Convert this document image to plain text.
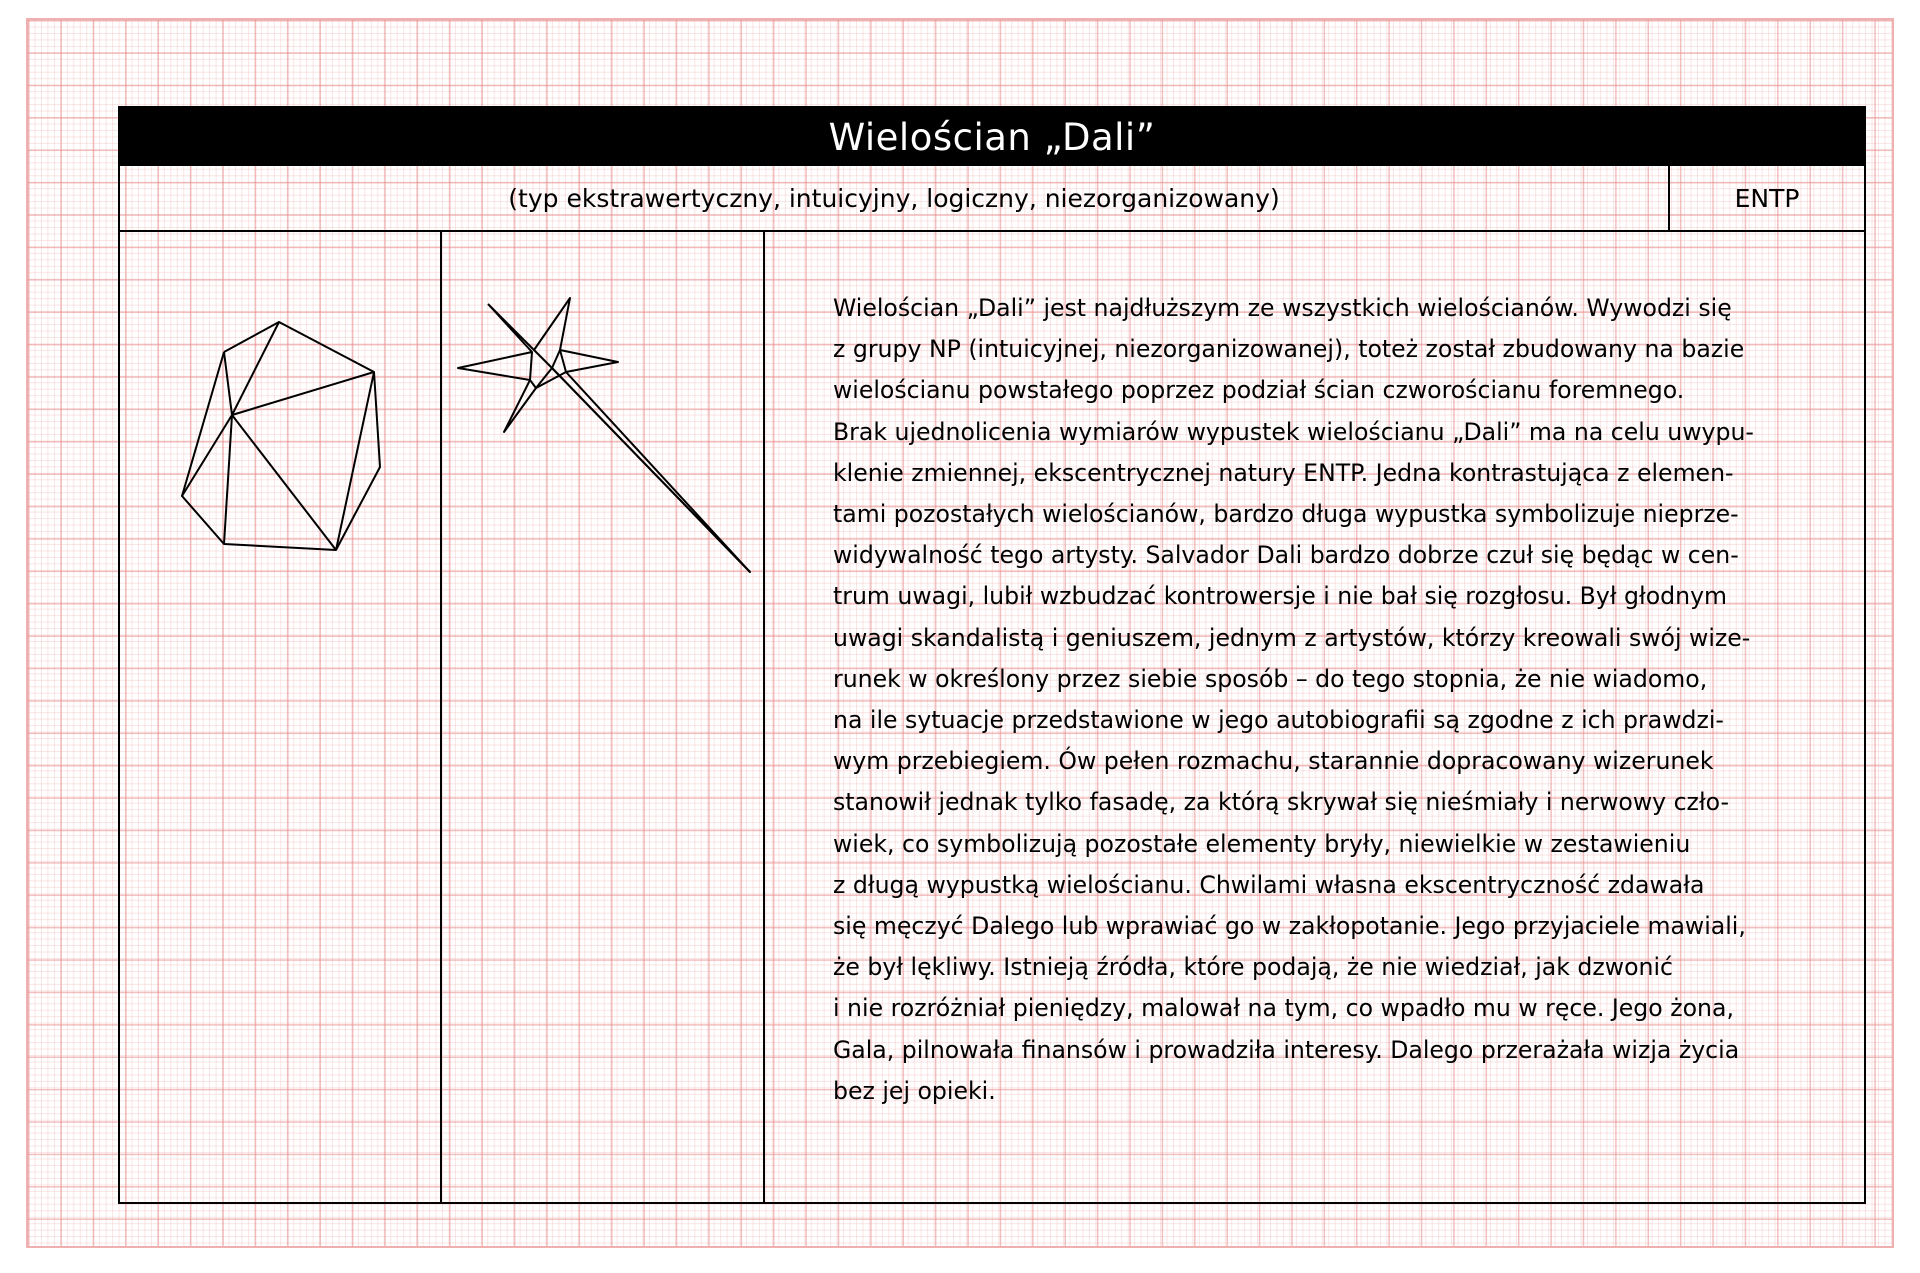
Wielościan „Dali”
(typ ekstrawertyczny, intuicyjny, logiczny, niezorganizowany)	ENTP
Wielościan „Dali” jest najdłuższym ze wszystkich wielościanów. Wywodzi się
z grupy NP (intuicyjnej, niezorganizowanej), toteż został zbudowany na bazie
wielościanu powstałego poprzez podział ścian czworościanu foremnego.
Brak ujednolicenia wymiarów wypustek wielościanu „Dali” ma na celu uwypu-
klenie zmiennej, ekscentrycznej natury ENTP. Jedna kontrastująca z elemen-
tami pozostałych wielościanów, bardzo długa wypustka symbolizuje nieprze-
widywalność tego artysty. Salvador Dali bardzo dobrze czuł się będąc w cen-
trum uwagi, lubił wzbudzać kontrowersje i nie bał się rozgłosu. Był głodnym
uwagi skandalistą i geniuszem, jednym z artystów, którzy kreowali swój wize-
runek w określony przez siebie sposób – do tego stopnia, że nie wiadomo,
na ile sytuacje przedstawione w jego autobiografii są zgodne z ich prawdzi-
wym przebiegiem. Ów pełen rozmachu, starannie dopracowany wizerunek
stanowił jednak tylko fasadę, za którą skrywał się nieśmiały i nerwowy czło-
wiek, co symbolizują pozostałe elementy bryły, niewielkie w zestawieniu
z długą wypustką wielościanu. Chwilami własna ekscentryczność zdawała
się męczyć Dalego lub wprawiać go w zakłopotanie. Jego przyjaciele mawiali,
że był lękliwy. Istnieją źródła, które podają, że nie wiedział, jak dzwonić
i nie rozróżniał pieniędzy, malował na tym, co wpadło mu w ręce. Jego żona,
Gala, pilnowała finansów i prowadziła interesy. Dalego przerażała wizja życia
bez jej opieki.
